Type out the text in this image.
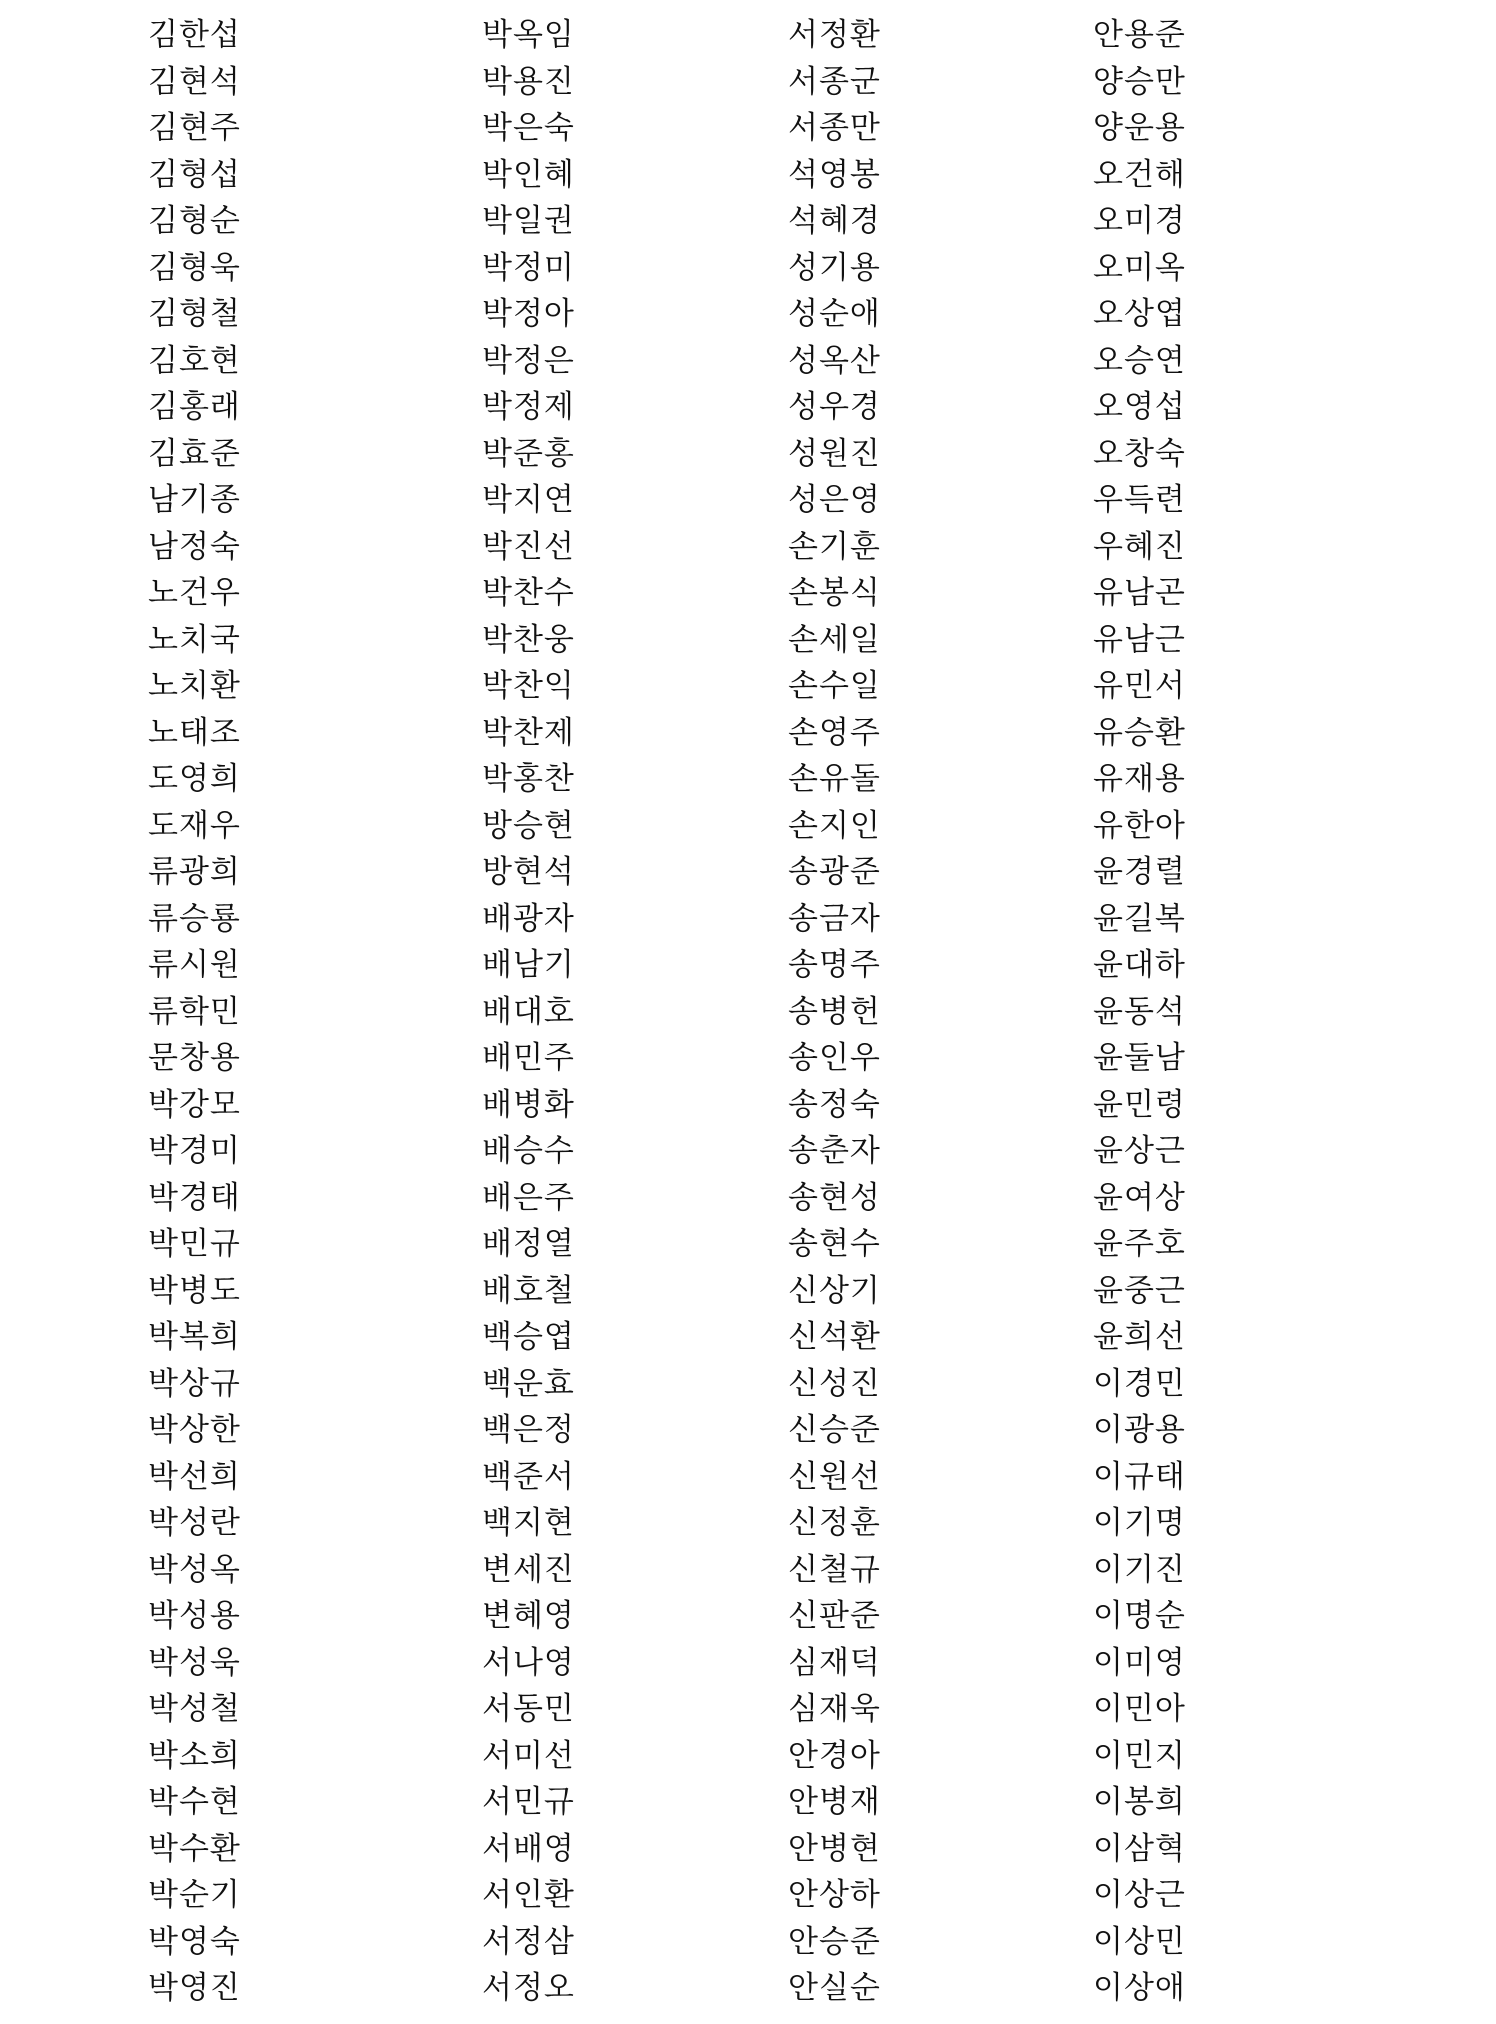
김한섭	박옥임	서정환	안용준
김현석	박용진	서종군	양승만
김현주	박은숙	서종만	양운용
김형섭	박인혜	석영봉	오건해
김형순	박일권	석혜경	오미경
김형욱	박정미	성기용	오미옥
김형철	박정아	성순애	오상엽
김호현	박정은	성옥산	오승연
김홍래	박정제	성우경	오영섭
김효준	박준홍	성원진	오창숙
남기종	박지연	성은영	우득련
남정숙	박진선	손기훈	우혜진
노건우	박찬수	손봉식	유남곤
노치국	박찬웅	손세일	유남근
노치환	박찬익	손수일	유민서
노태조	박찬제	손영주	유승환
도영희	박홍찬	손유돌	유재용
도재우	방승현	손지인	유한아
류광희	방현석	송광준	윤경렬
류승룡	배광자	송금자	윤길복
류시원	배남기	송명주	윤대하
류학민	배대호	송병헌	윤동석
문창용	배민주	송인우	윤둘남
박강모	배병화	송정숙	윤민령
박경미	배승수	송춘자	윤상근
박경태	배은주	송현성	윤여상
박민규	배정열	송현수	윤주호
박병도	배호철	신상기	윤중근
박복희	백승엽	신석환	윤희선
박상규	백운효	신성진	이경민
박상한	백은정	신승준	이광용
박선희	백준서	신원선	이규태
박성란	백지현	신정훈	이기명
박성옥	변세진	신철규	이기진
박성용	변혜영	신판준	이명순
박성욱	서나영	심재덕	이미영
박성철	서동민	심재욱	이민아
박소희	서미선	안경아	이민지
박수현	서민규	안병재	이봉희
박수환	서배영	안병현	이삼혁
박순기	서인환	안상하	이상근
박영숙	서정삼	안승준	이상민
박영진	서정오	안실순	이상애
